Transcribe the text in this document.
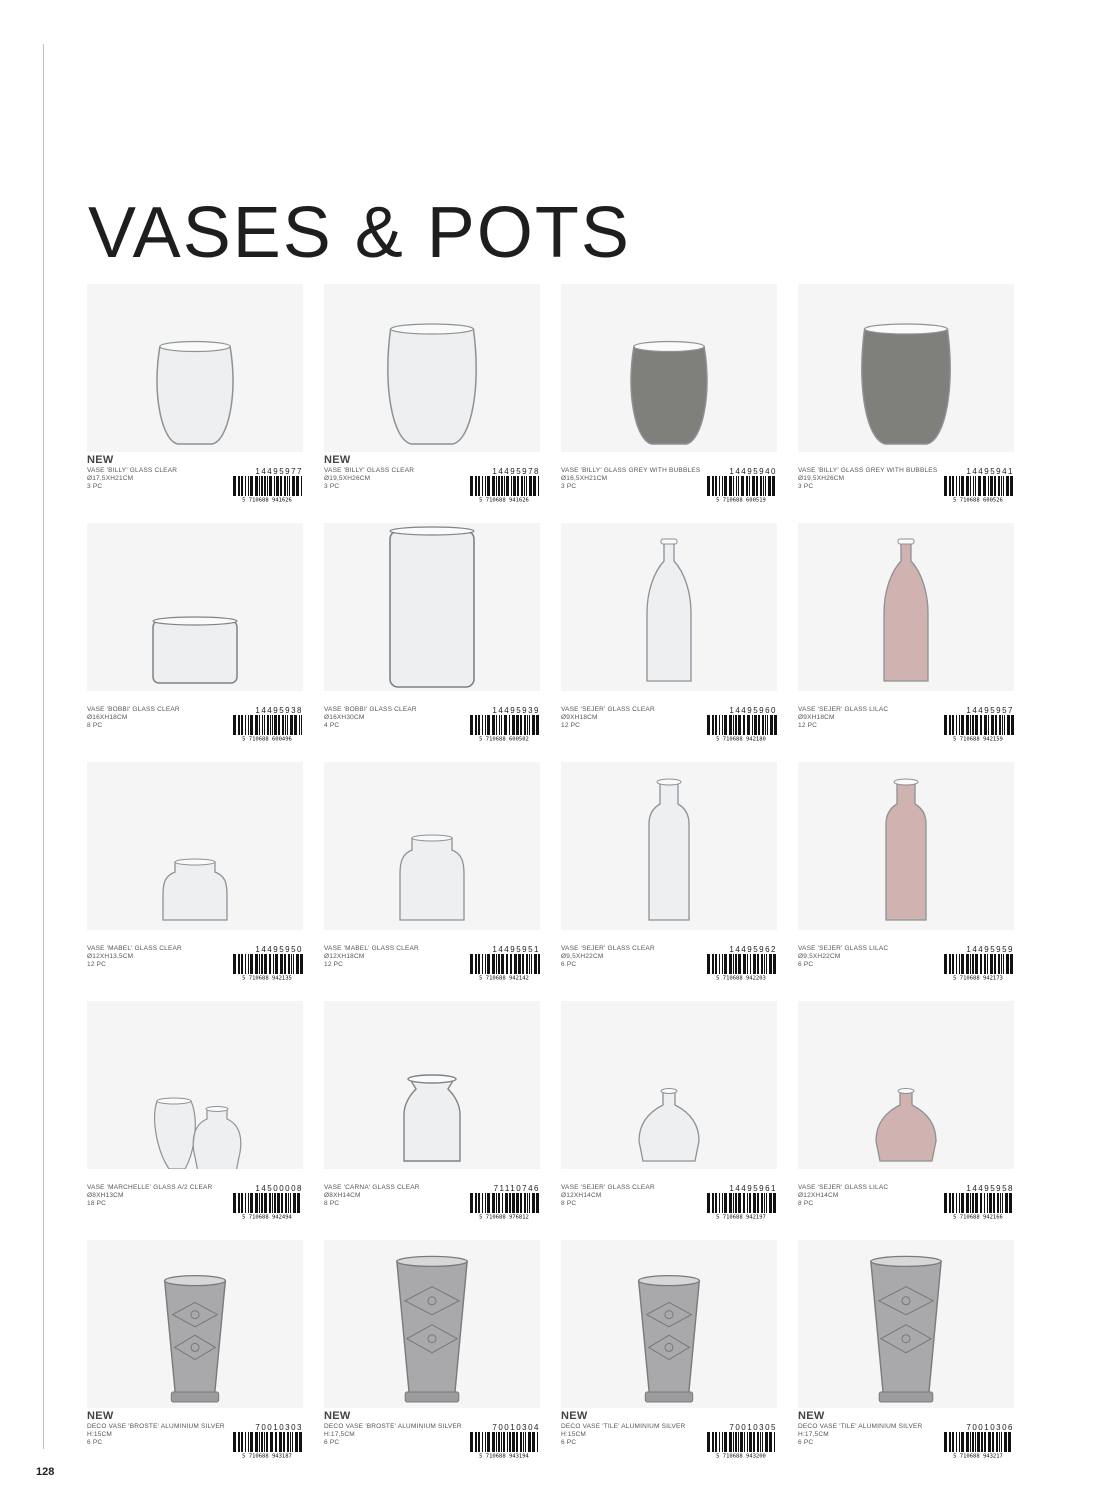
VASES & POTS
NEW
VASE 'BILLY' GLASS CLEAR
Ø17,5XH21CM
3 PC
14495977
5 710688 941626
NEW
VASE 'BILLY' GLASS CLEAR
Ø19,5XH26CM
3 PC
14495978
5 710688 941626
VASE 'BILLY' GLASS GREY WITH BUBBLES
Ø16,5XH21CM
3 PC
14495940
5 710688 600519
VASE 'BILLY' GLASS GREY WITH BUBBLES
Ø19,5XH26CM
3 PC
14495941
5 710688 600526
VASE 'BOBBI' GLASS CLEAR
Ø16XH18CM
8 PC
14495938
5 710688 600496
VASE 'BOBBI' GLASS CLEAR
Ø16XH30CM
4 PC
14495939
5 710688 600502
VASE 'SEJER' GLASS CLEAR
Ø9XH18CM
12 PC
14495960
5 710688 942180
VASE 'SEJER' GLASS LILAC
Ø9XH18CM
12 PC
14495957
5 710688 942159
VASE 'MABEL' GLASS CLEAR
Ø12XH13,5CM
12 PC
14495950
5 710688 942135
VASE 'MABEL' GLASS CLEAR
Ø12XH18CM
12 PC
14495951
5 710688 942142
VASE 'SEJER' GLASS CLEAR
Ø9,5XH22CM
6 PC
14495962
5 710688 942203
VASE 'SEJER' GLASS LILAC
Ø9,5XH22CM
6 PC
14495959
5 710688 942173
VASE 'MARCHELLE' GLASS A/2 CLEAR
Ø8XH13CM
18 PC
14500008
5 710688 942494
VASE 'CARNA' GLASS CLEAR
Ø8XH14CM
8 PC
71110746
5 710688 976812
VASE 'SEJER' GLASS CLEAR
Ø12XH14CM
8 PC
14495961
5 710688 942197
VASE 'SEJER' GLASS LILAC
Ø12XH14CM
8 PC
14495958
5 710688 942166
NEW
DECO VASE 'BROSTE' ALUMINIUM SILVER
H:15CM
6 PC
70010303
5 710688 943187
NEW
DECO VASE 'BROSTE' ALUMINIUM SILVER
H:17,5CM
6 PC
70010304
5 710688 943194
NEW
DECO VASE 'TILE' ALUMINIUM SILVER
H:15CM
6 PC
70010305
5 710688 943200
NEW
DECO VASE 'TILE' ALUMINIUM SILVER
H:17,5CM
6 PC
70010306
5 710688 943217
128
